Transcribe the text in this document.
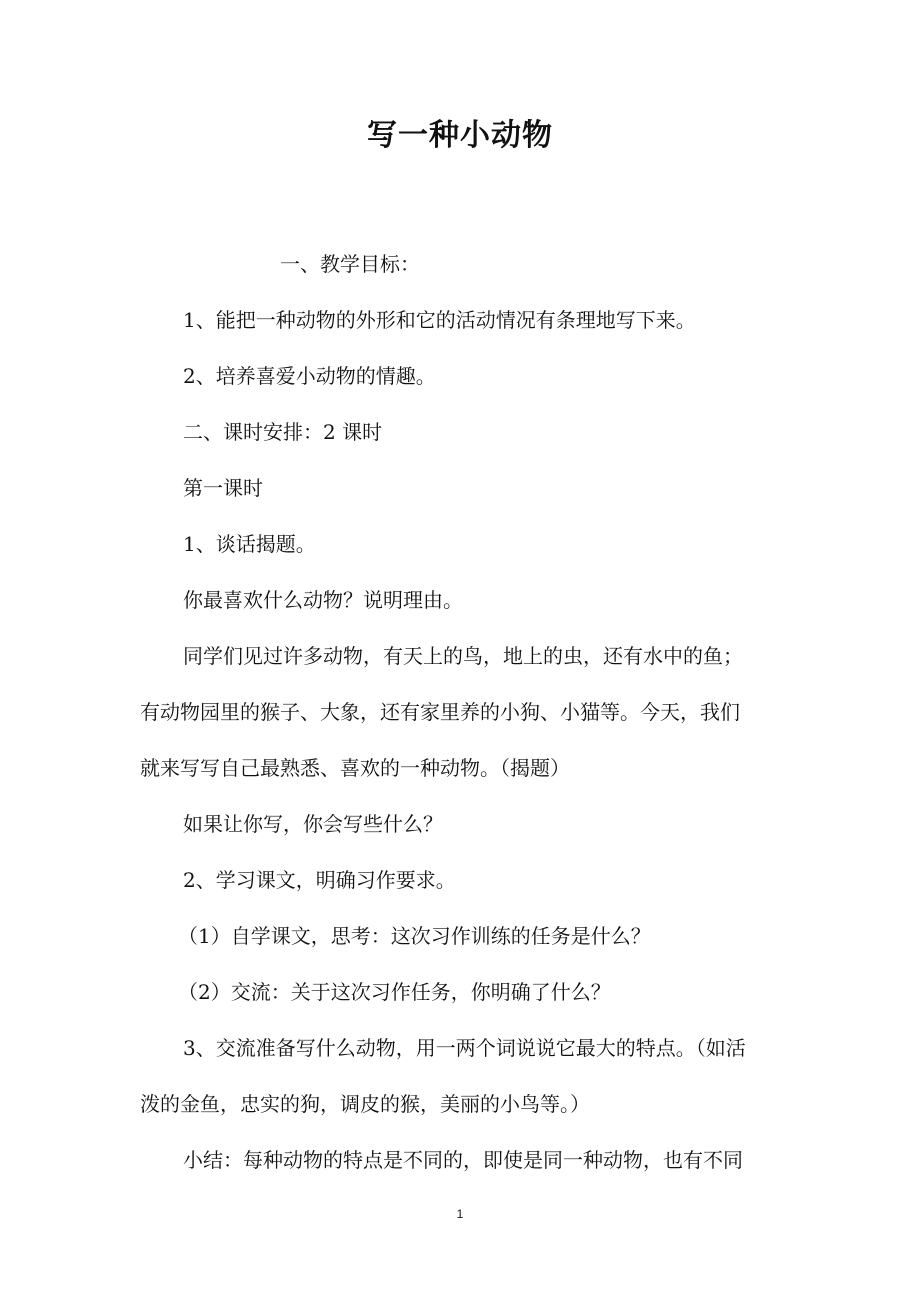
写一种小动物
一、教学目标：
1、能把一种动物的外形和它的活动情况有条理地写下来。
2、培养喜爱小动物的情趣。
二、课时安排：2 课时
第一课时
1、谈话揭题。
你最喜欢什么动物？说明理由。
同学们见过许多动物，有天上的鸟，地上的虫，还有水中的鱼；
有动物园里的猴子、大象，还有家里养的小狗、小猫等。今天，我们
就来写写自己最熟悉、喜欢的一种动物。（揭题）
如果让你写，你会写些什么？
2、学习课文，明确习作要求。
（1）自学课文，思考：这次习作训练的任务是什么？
（2）交流：关于这次习作任务，你明确了什么？
3、交流准备写什么动物，用一两个词说说它最大的特点。（如活
泼的金鱼，忠实的狗，调皮的猴，美丽的小鸟等。）
小结：每种动物的特点是不同的，即使是同一种动物，也有不同
1
